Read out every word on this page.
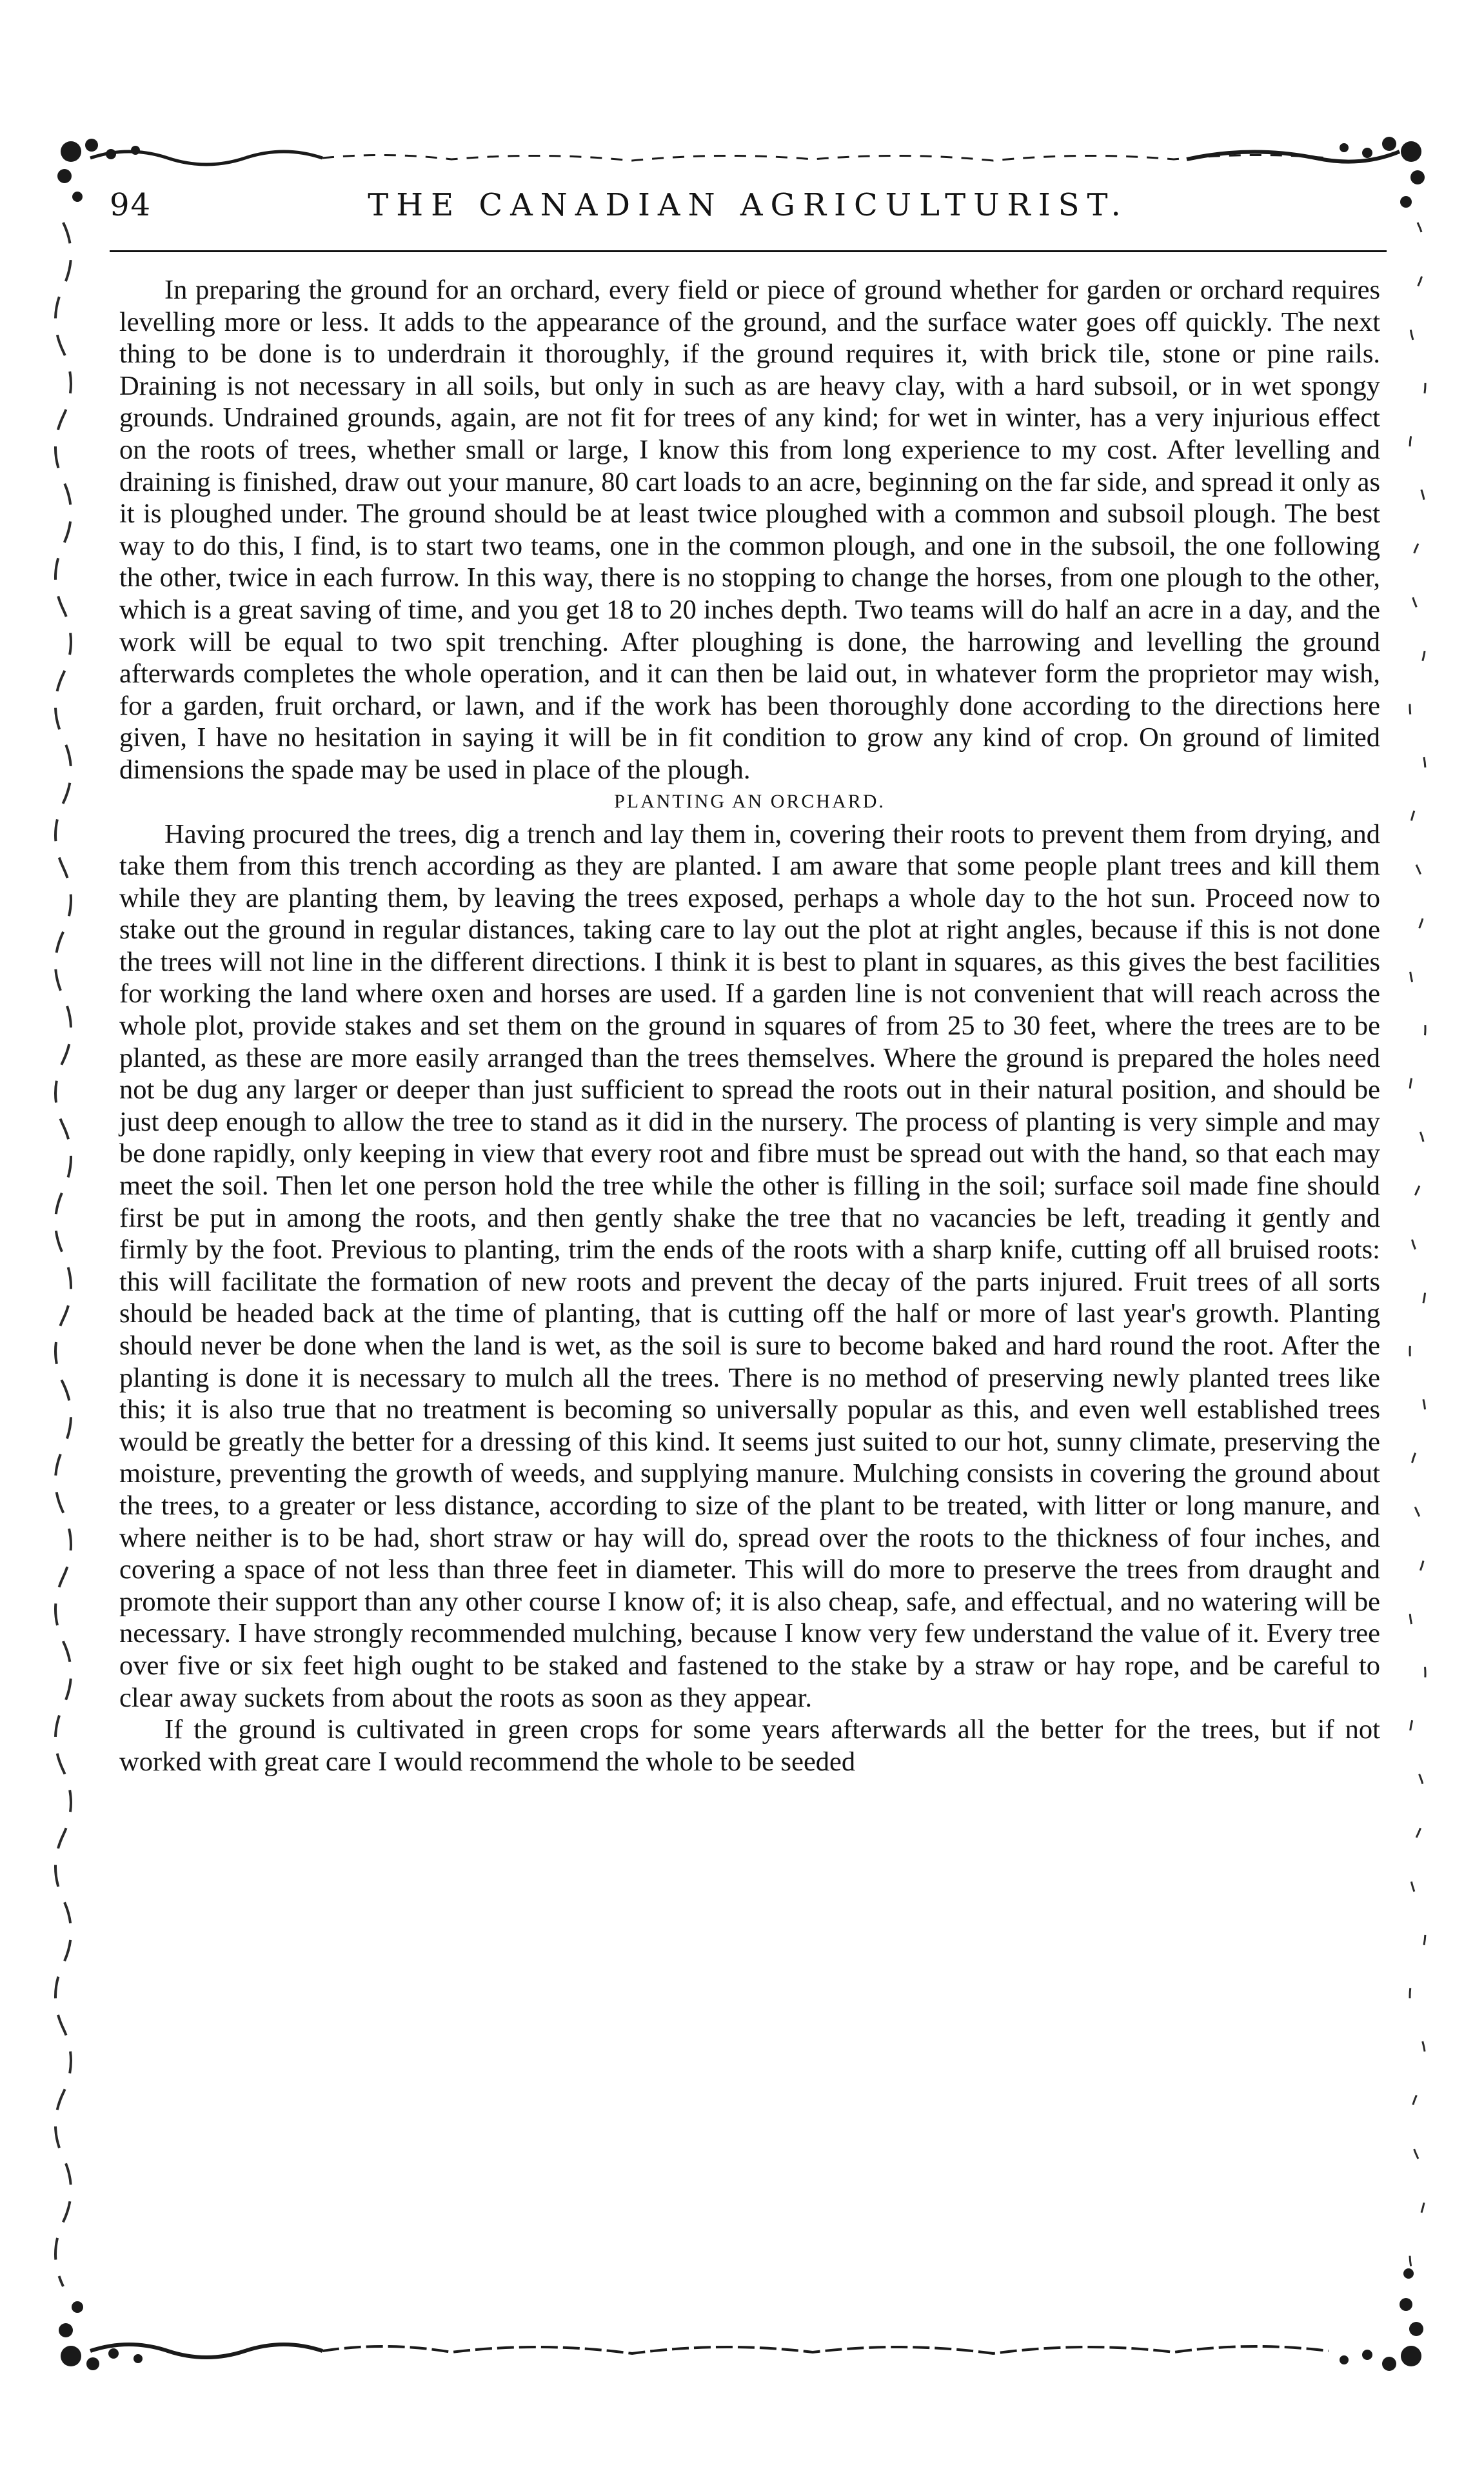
94	THE CANADIAN AGRICULTURIST.

In preparing the ground for an orchard, every field or piece of ground whether for garden or orchard requires levelling more or less. It adds to the appearance of the ground, and the surface water goes off quickly. The next thing to be done is to underdrain it thoroughly, if the ground requires it, with brick tile, stone or pine rails. Draining is not necessary in all soils, but only in such as are heavy clay, with a hard subsoil, or in wet spongy grounds. Undrained grounds, again, are not fit for trees of any kind; for wet in winter, has a very injurious effect on the roots of trees, whether small or large, I know this from long experience to my cost. After levelling and draining is finished, draw out your manure, 80 cart loads to an acre, beginning on the far side, and spread it only as it is ploughed under. The ground should be at least twice ploughed with a common and subsoil plough. The best way to do this, I find, is to start two teams, one in the common plough, and one in the subsoil, the one following the other, twice in each furrow. In this way, there is no stopping to change the horses, from one plough to the other, which is a great saving of time, and you get 18 to 20 inches depth. Two teams will do half an acre in a day, and the work will be equal to two spit trenching. After ploughing is done, the harrowing and levelling the ground afterwards completes the whole operation, and it can then be laid out, in whatever form the proprietor may wish, for a garden, fruit orchard, or lawn, and if the work has been thoroughly done according to the directions here given, I have no hesitation in saying it will be in fit condition to grow any kind of crop. On ground of limited dimensions the spade may be used in place of the plough.

PLANTING AN ORCHARD.

Having procured the trees, dig a trench and lay them in, covering their roots to prevent them from drying, and take them from this trench according as they are planted. I am aware that some people plant trees and kill them while they are planting them, by leaving the trees exposed, perhaps a whole day to the hot sun. Proceed now to stake out the ground in regular distances, taking care to lay out the plot at right angles, because if this is not done the trees will not line in the different directions. I think it is best to plant in squares, as this gives the best facilities for working the land where oxen and horses are used. If a garden line is not convenient that will reach across the whole plot, provide stakes and set them on the ground in squares of from 25 to 30 feet, where the trees are to be planted, as these are more easily arranged than the trees themselves. Where the ground is prepared the holes need not be dug any larger or deeper than just sufficient to spread the roots out in their natural position, and should be just deep enough to allow the tree to stand as it did in the nursery. The process of planting is very simple and may be done rapidly, only keeping in view that every root and fibre must be spread out with the hand, so that each may meet the soil. Then let one person hold the tree while the other is filling in the soil; surface soil made fine should first be put in among the roots, and then gently shake the tree that no vacancies be left, treading it gently and firmly by the foot. Previous to planting, trim the ends of the roots with a sharp knife, cutting off all bruised roots: this will facilitate the formation of new roots and prevent the decay of the parts injured. Fruit trees of all sorts should be headed back at the time of planting, that is cutting off the half or more of last year's growth. Planting should never be done when the land is wet, as the soil is sure to become baked and hard round the root. After the planting is done it is necessary to mulch all the trees. There is no method of preserving newly planted trees like this; it is also true that no treatment is becoming so universally popular as this, and even well established trees would be greatly the better for a dressing of this kind. It seems just suited to our hot, sunny climate, preserving the moisture, preventing the growth of weeds, and supplying manure. Mulching consists in covering the ground about the trees, to a greater or less distance, according to size of the plant to be treated, with litter or long manure, and where neither is to be had, short straw or hay will do, spread over the roots to the thickness of four inches, and covering a space of not less than three feet in diameter. This will do more to preserve the trees from draught and promote their support than any other course I know of; it is also cheap, safe, and effectual, and no watering will be necessary. I have strongly recommended mulching, because I know very few understand the value of it. Every tree over five or six feet high ought to be staked and fastened to the stake by a straw or hay rope, and be careful to clear away suckets from about the roots as soon as they appear.

If the ground is cultivated in green crops for some years afterwards all the better for the trees, but if not worked with great care I would recommend the whole to be seeded
